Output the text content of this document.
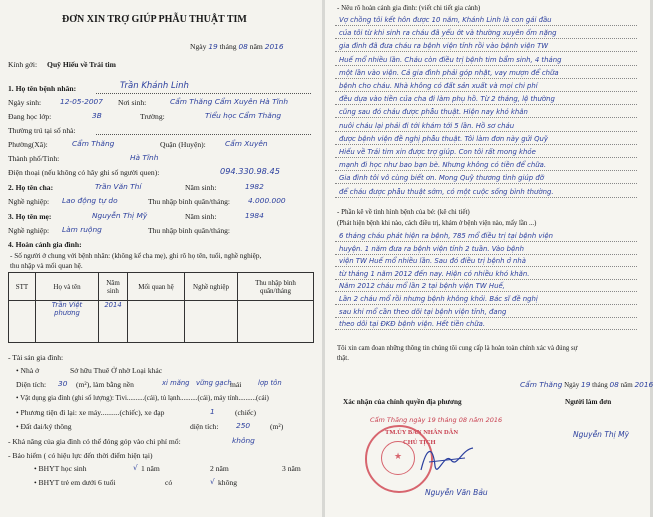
ĐƠN XIN TRỢ GIÚP PHẪU THUẬT TIM
Ngày 19 tháng 08 năm 2016
Kính gởi: Quỹ Hiếu về Trái tim
1. Họ tên bệnh nhân:	Trần Khánh Linh
Ngày sinh:	12-05-2007 Nơi sinh:	Cẩm Thăng Cẩm Xuyên Hà Tĩnh
Đang học lớp:	3B	Trường:	Tiểu học Cẩm Thăng
Thường trú tại số nhà:
Phường(Xã):	Cẩm Thăng	Quận (Huyện):	Cẩm Xuyên
Thành phố/Tỉnh:	Hà Tĩnh
Điện thoại (nếu không có hãy ghi số người quen):	094.330.98.45
2. Họ tên cha:	Trần Văn Thí	Năm sinh:	1982
Nghề nghiệp: Lao động tự do	Thu nhập bình quân/tháng: 4.000.000
3. Họ tên mẹ:	Nguyễn Thị Mỹ	Năm sinh:	1984
Nghề nghiệp: Làm ruộng	Thu nhập bình quân/tháng:
4. Hoàn cảnh gia đình:
- Số người ở chung với bệnh nhân: (không kể cha mẹ), ghi rõ họ tên, tuổi, nghề nghiệp,
thu nhập và mối quan hệ.
STT	Họ và tên	Năm sinh	Mối quan hệ	Nghề nghiệp	Thu nhập bình quân/tháng
	Trần Việt phương	2014			
- Tài sản gia đình:
• Nhà ở	Sở hữu Thuê Ở nhờ Loại khác
Diện tích: 30 (m²), làm bằng nền	xi măng vững gạch
mái lợp tôn
• Vật dụng gia đình (ghi số lượng): Tivi..........(cái), tủ lạnh..........(cái), máy tính..........(cái)
• Phương tiện đi lại: xe máy..........(chiếc), xe đạp	1	(chiếc)
• Đất đai/ký thông	diện tích: 250	(m²)
- Khả năng của gia đình có thể đóng góp vào chi phí mổ:	không
- Bảo hiểm ( có hiệu lực đến thời điểm hiện tại)
• BHYT học sinh	√ 1 năm	2 năm	3 năm
• BHYT trẻ em dưới 6 tuổi	có	√ không
- Nêu rõ hoàn cảnh gia đình: (viết chi tiết gia cảnh)
Vợ chồng tôi kết hôn được 10 năm, Khánh Linh là con gái đầu
của tôi từ khi sinh ra cháu đã yếu ớt và thường xuyên ốm nặng
gia đình đã đưa cháu ra bệnh viện tỉnh rồi vào bệnh viện TW
Huế mổ nhiều lần. Cháu còn điều trị bệnh tim bẩm sinh, 4 tháng
một lần vào viện. Cả gia đình phải góp nhặt, vay mượn để chữa
bệnh cho cháu. Nhà không có đất sản xuất và mọi chi phí
đều dựa vào tiền của cha đi làm phụ hồ. Từ 2 tháng, lệ thường
cũng sau đó cháu được phẫu thuật. Hiện nay khó khăn
nuôi cháu lại phải đi tới khám tới 5 lần. Hồ sơ cháu
được bệnh viện đề nghị phẫu thuật. Tôi làm đơn này gửi Quỹ
Hiếu về Trái tim xin được trợ giúp. Con tôi rất mong khỏe
mạnh đi học như bao bạn bè. Nhưng không có tiền để chữa.
Gia đình tôi vô cùng biết ơn. Mong Quỹ thương tình giúp đỡ
để cháu được phẫu thuật sớm, có một cuộc sống bình thường.
- Phần kê về tình hình bệnh của bé: (kê chi tiết)
(Phát hiện bệnh khi nào, cách điều trị, khám ở bệnh viện nào, mấy lần ...)
6 tháng cháu phát hiện ra bệnh, 785 mổ điều trị tại bệnh viện
huyện. 1 năm đưa ra bệnh viện tỉnh 2 tuần. Vào bệnh
viện TW Huế mổ nhiều lần. Sau đó điều trị bệnh ở nhà
từ tháng 1 năm 2012 đến nay. Hiện có nhiều khó khăn.
Năm 2012 cháu mổ lần 2 tại bệnh viện TW Huế,
Lần 2 cháu mổ rồi nhưng bệnh không khỏi. Bác sĩ đề nghị
sau khi mổ cần theo dõi tại bệnh viện tỉnh, đang
theo dõi tại ĐKĐ bệnh viện. Hết tiền chữa.
Tôi xin cam đoan những thông tin chúng tôi cung cấp là hoàn toàn chính xác và đúng sự
thật.
Cẩm Thăng Ngày 19 tháng 08 năm 2016
Xác nhận của chính quyền địa phương	Người làm đơn
Cẩm Thăng ngày 19 tháng 08 năm 2016
TM.ỦY BAN NHÂN DÂN
CHỦ TỊCH
★
Nguyễn Văn Bảu
Nguyễn Thị Mỹ
